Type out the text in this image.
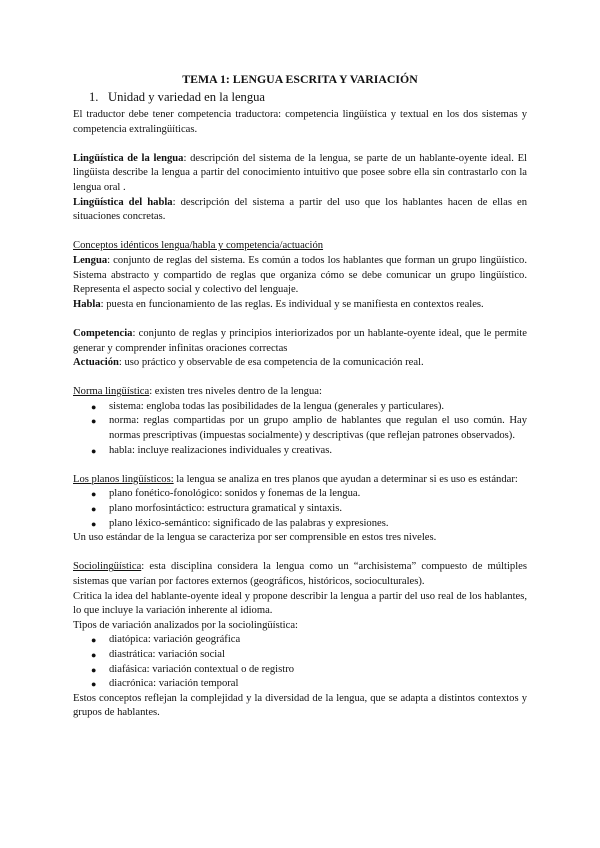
TEMA 1: LENGUA ESCRITA Y VARIACIÓN
1. Unidad y variedad en la lengua

El traductor debe tener competencia traductora: competencia lingüística y textual en los dos sistemas y competencia extralingüíticas.

Lingüística de la lengua: descripción del sistema de la lengua, se parte de un hablante-oyente ideal. El lingüista describe la lengua a partir del conocimiento intuitivo que posee sobre ella sin contrastarlo con la lengua oral .

Lingüística del habla: descripción del sistema a partir del uso que los hablantes hacen de ellas en situaciones concretas.

Conceptos idénticos lengua/habla y competencia/actuación

Lengua: conjunto de reglas del sistema. Es común a todos los hablantes que forman un grupo lingüístico. Sistema abstracto y compartido de reglas que organiza cómo se debe comunicar un grupo lingüístico. Representa el aspecto social y colectivo del lenguaje.

Habla: puesta en funcionamiento de las reglas. Es individual y se manifiesta en contextos reales.

Competencia: conjunto de reglas y principios interiorizados por un hablante-oyente ideal, que le permite generar y comprender infinitas oraciones correctas

Actuación: uso práctico y observable de esa competencia de la comunicación real.

Norma lingüística: existen tres niveles dentro de la lengua:

● sistema: engloba todas las posibilidades de la lengua (generales y particulares).
● norma: reglas compartidas por un grupo amplio de hablantes que regulan el uso común. Hay normas prescriptivas (impuestas socialmente) y descriptivas (que reflejan patrones observados).
● habla: incluye realizaciones individuales y creativas.

Los planos lingüísticos: la lengua se analiza en tres planos que ayudan a determinar si es uso es estándar:

● plano fonético-fonológico: sonidos y fonemas de la lengua.
● plano morfosintáctico: estructura gramatical y sintaxis.
● plano léxico-semántico: significado de las palabras y expresiones.

Un uso estándar de la lengua se caracteriza por ser comprensible en estos tres niveles.

Sociolingüística: esta disciplina considera la lengua como un “archisistema” compuesto de múltiples sistemas que varían por factores externos (geográficos, históricos, socioculturales).

Critica la idea del hablante-oyente ideal y propone describir la lengua a partir del uso real de los hablantes, lo que incluye la variación inherente al idioma.

Tipos de variación analizados por la sociolingüística:

● diatópica: variación geográfica
● diastrática: variación social
● diafásica: variación contextual o de registro
● diacrónica: variación temporal

Estos conceptos reflejan la complejidad y la diversidad de la lengua, que se adapta a distintos contextos y grupos de hablantes.
